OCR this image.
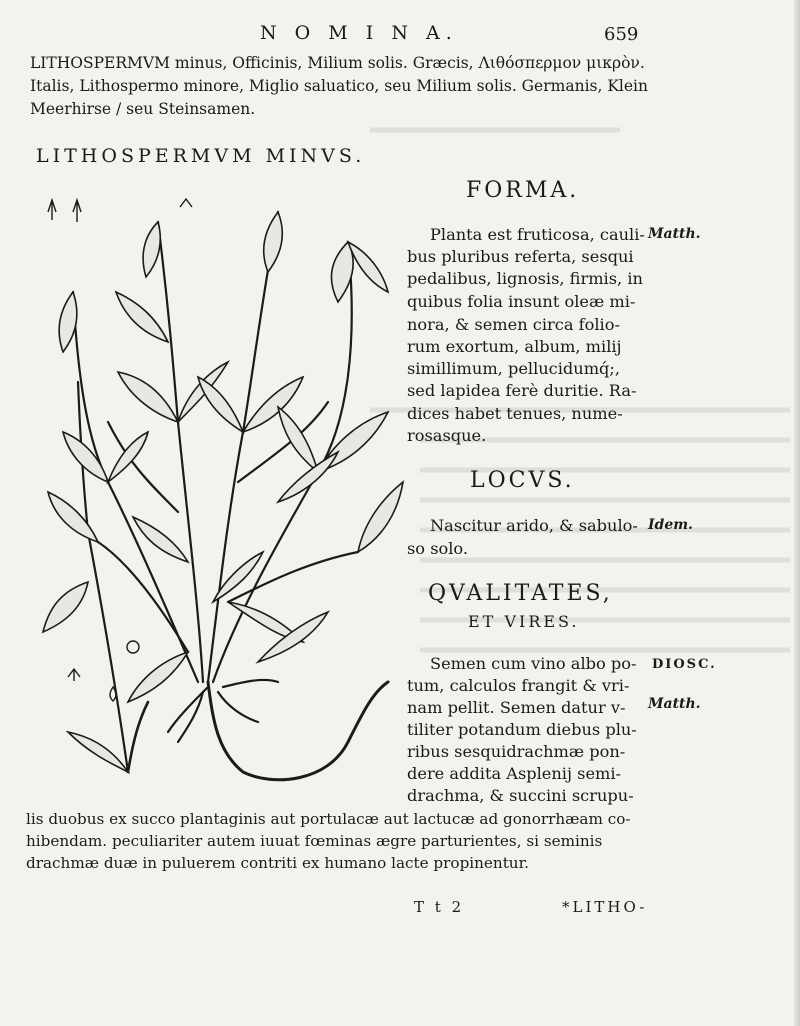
N O M I N A.	659
LITHOSPERMVM minus, Officinis, Milium solis. Græcis, Λιθόσπερμον μικρὸν.
Italis, Lithospermo minore, Miglio saluatico, seu Milium solis. Germanis, Klein
Meerhirse / seu Steinsamen.
LITHOSPERMVM MINVS.
FORMA.
Matth.
Planta est fruticosa, cauli-
bus pluribus referta, sesqui
pedalibus, lignosis, firmis, in
quibus folia insunt oleæ mi-
nora, & semen circa folio-
rum exortum, album, milij
simillimum, pellucidumq́;,
sed lapidea ferè duritie. Ra-
dices habet tenues, nume-
rosasque.
LOCVS.
Idem.
Nascitur arido, & sabulo-
so solo.
QVALITATES,
ET VIRES.
DIOSC.
Matth.
Semen cum vino albo po-
tum, calculos frangit & vri-
nam pellit. Semen datur v-
tiliter potandum diebus plu-
ribus sesquidrachmæ pon-
dere addita Asplenij semi-
drachma, & succini scrupu-
lis duobus ex succo plantaginis aut portulacæ aut lactucæ ad gonorrhæam co-
hibendam. peculiariter autem iuuat fœminas ægre parturientes, si seminis
drachmæ duæ in puluerem contriti ex humano lacte propinentur.
T t 2	*LITHO-
